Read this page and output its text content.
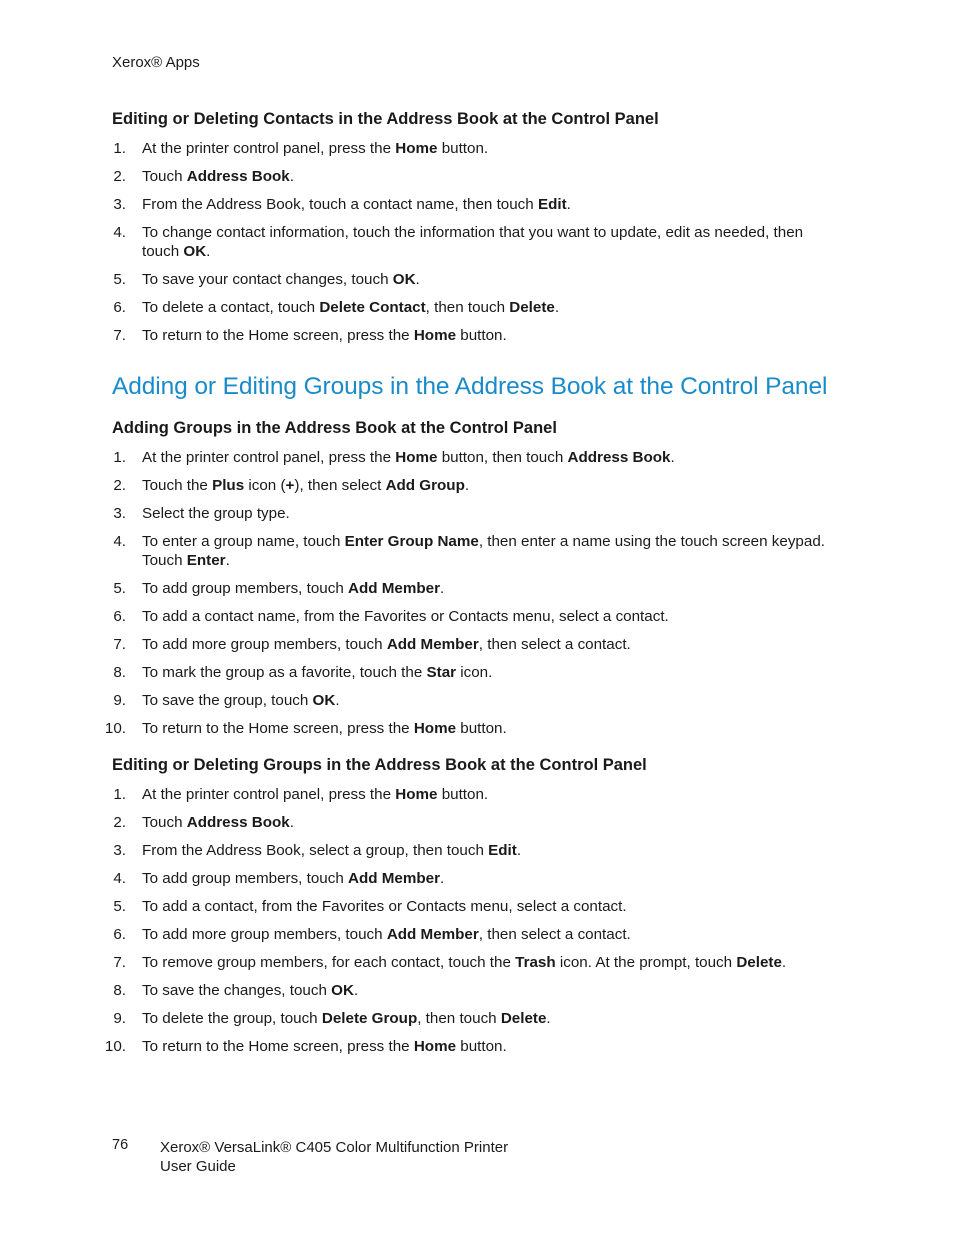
Xerox® Apps
Editing or Deleting Contacts in the Address Book at the Control Panel
1. At the printer control panel, press the Home button.
2. Touch Address Book.
3. From the Address Book, touch a contact name, then touch Edit.
4. To change contact information, touch the information that you want to update, edit as needed, then touch OK.
5. To save your contact changes, touch OK.
6. To delete a contact, touch Delete Contact, then touch Delete.
7. To return to the Home screen, press the Home button.
Adding or Editing Groups in the Address Book at the Control Panel
Adding Groups in the Address Book at the Control Panel
1. At the printer control panel, press the Home button, then touch Address Book.
2. Touch the Plus icon (+), then select Add Group.
3. Select the group type.
4. To enter a group name, touch Enter Group Name, then enter a name using the touch screen keypad. Touch Enter.
5. To add group members, touch Add Member.
6. To add a contact name, from the Favorites or Contacts menu, select a contact.
7. To add more group members, touch Add Member, then select a contact.
8. To mark the group as a favorite, touch the Star icon.
9. To save the group, touch OK.
10. To return to the Home screen, press the Home button.
Editing or Deleting Groups in the Address Book at the Control Panel
1. At the printer control panel, press the Home button.
2. Touch Address Book.
3. From the Address Book, select a group, then touch Edit.
4. To add group members, touch Add Member.
5. To add a contact, from the Favorites or Contacts menu, select a contact.
6. To add more group members, touch Add Member, then select a contact.
7. To remove group members, for each contact, touch the Trash icon. At the prompt, touch Delete.
8. To save the changes, touch OK.
9. To delete the group, touch Delete Group, then touch Delete.
10. To return to the Home screen, press the Home button.
76 Xerox® VersaLink® C405 Color Multifunction Printer
User Guide
